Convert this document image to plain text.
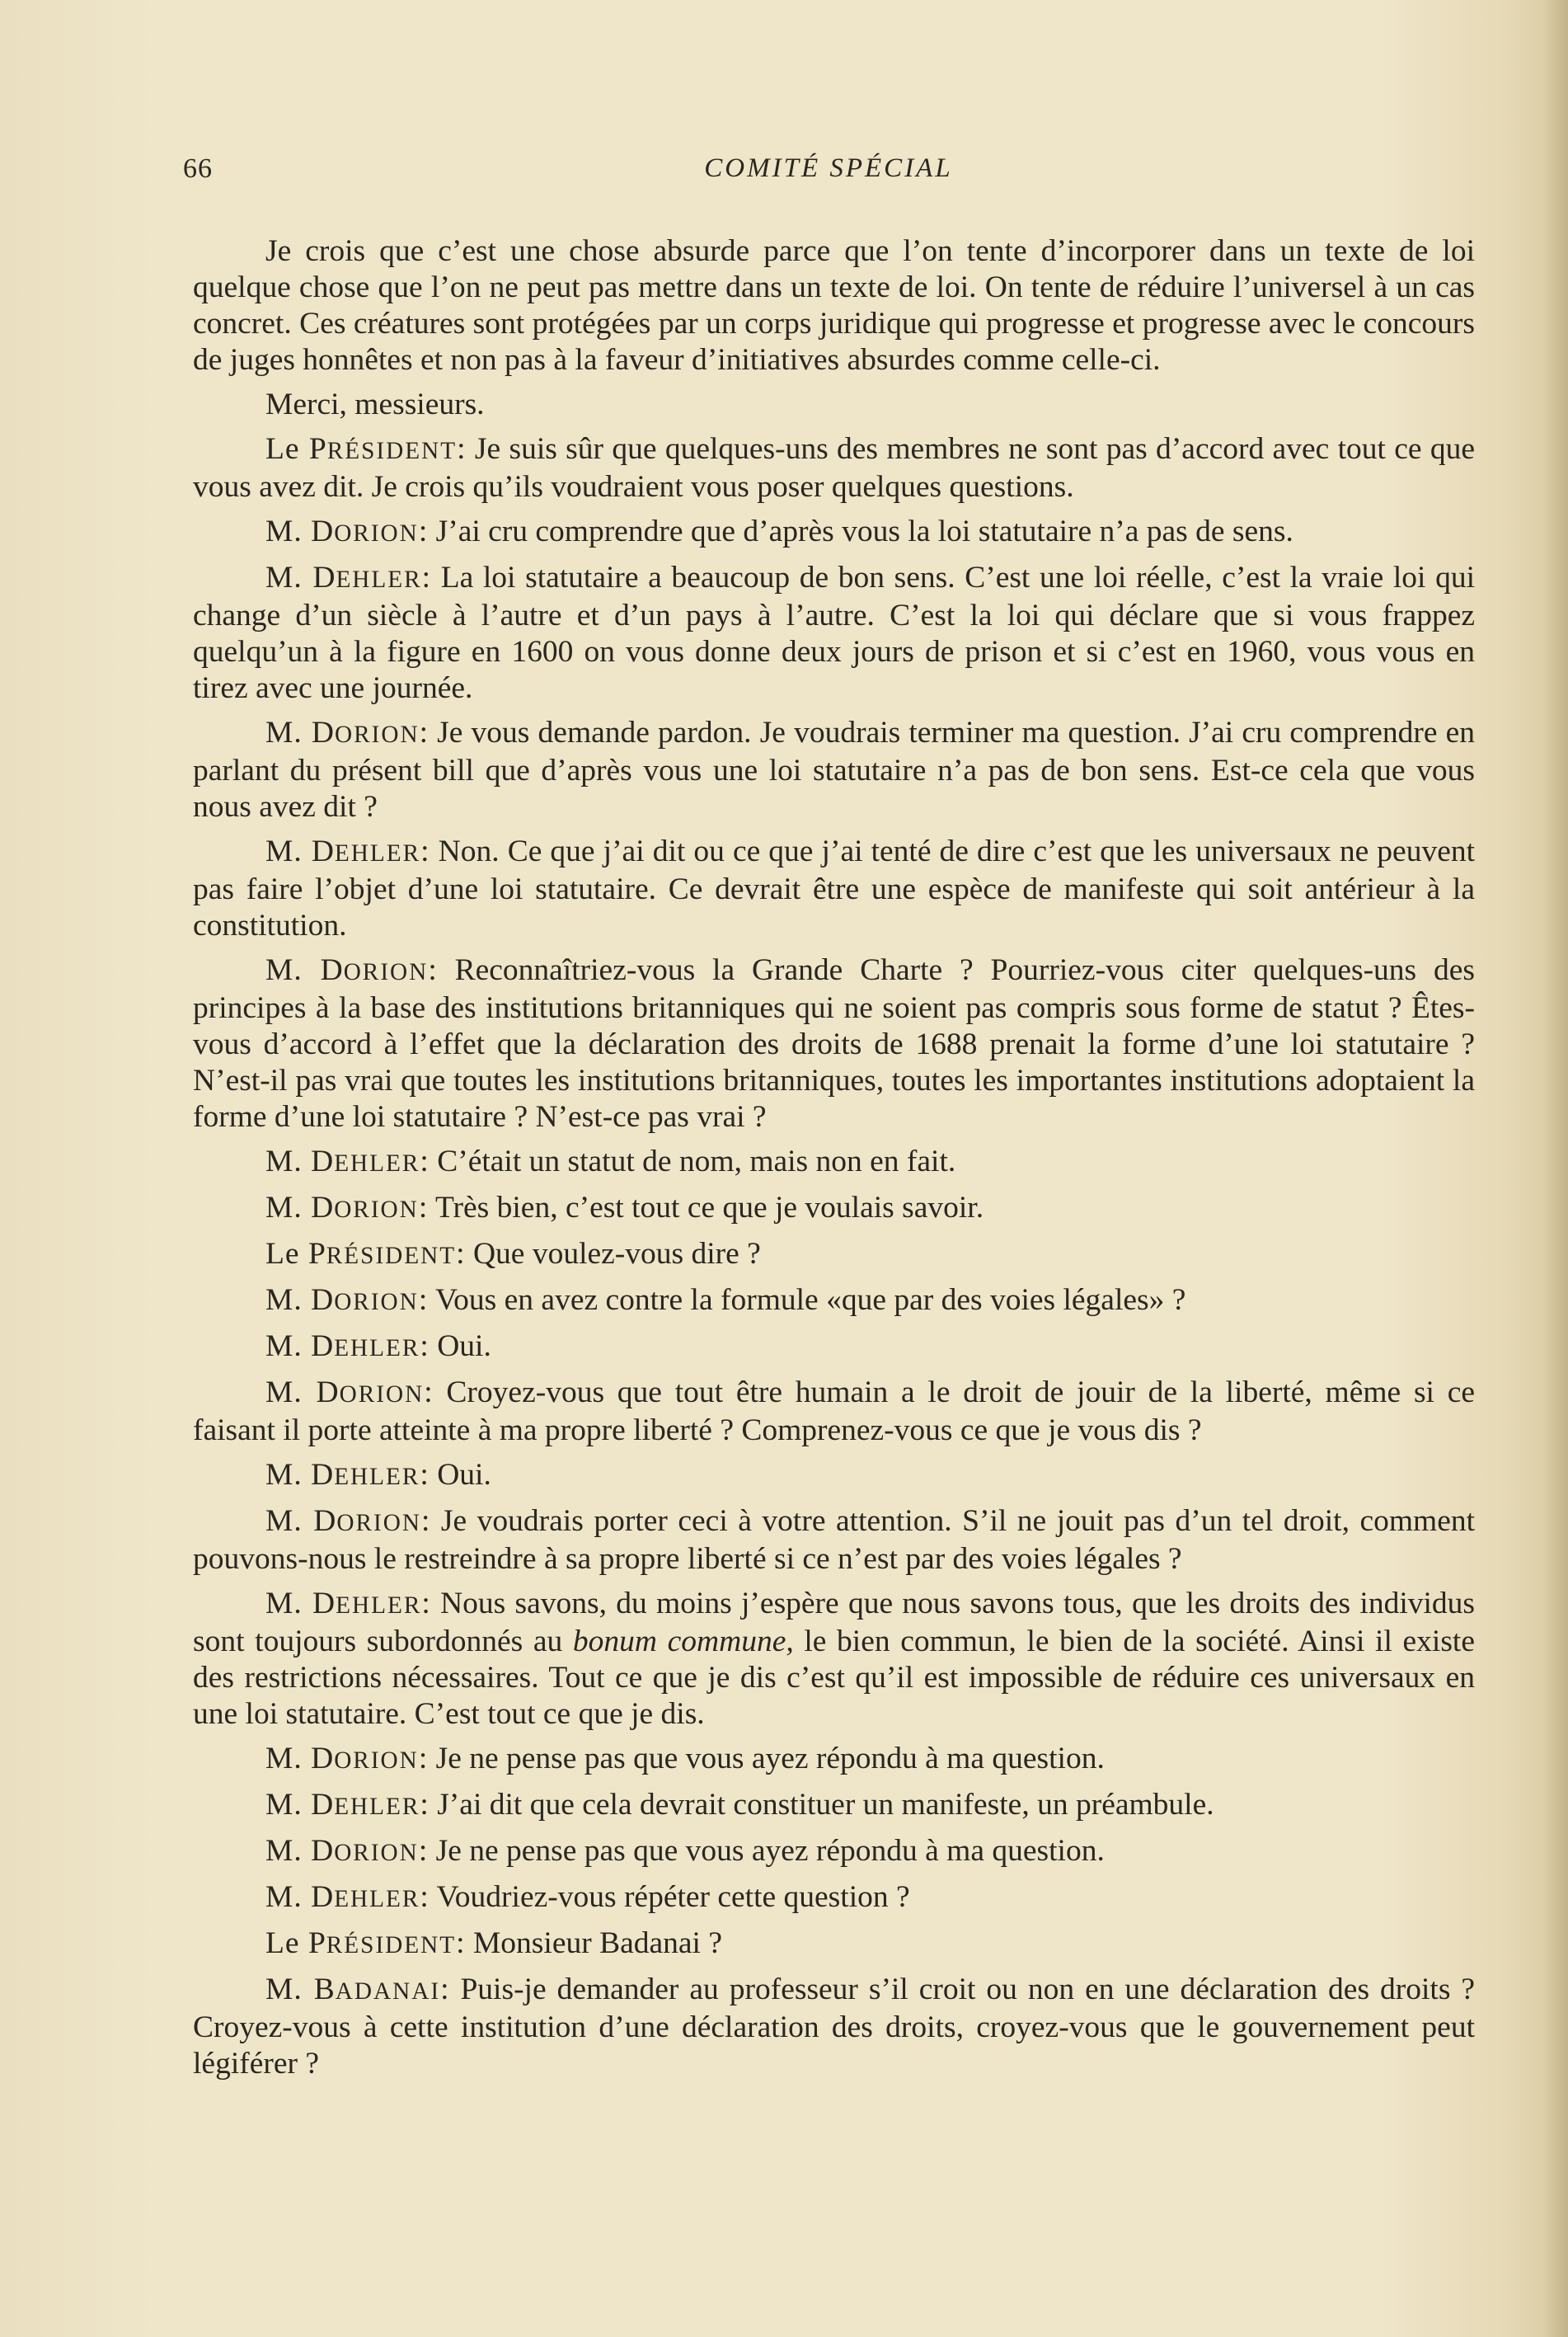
66	COMITÉ SPÉCIAL

Je crois que c’est une chose absurde parce que l’on tente d’incorporer dans un texte de loi quelque chose que l’on ne peut pas mettre dans un texte de loi. On tente de réduire l’universel à un cas concret. Ces créatures sont protégées par un corps juridique qui progresse et progresse avec le concours de juges honnêtes et non pas à la faveur d’initiatives absurdes comme celle-ci.

Merci, messieurs.

Le PRÉSIDENT: Je suis sûr que quelques-uns des membres ne sont pas d’accord avec tout ce que vous avez dit. Je crois qu’ils voudraient vous poser quelques questions.

M. DORION: J’ai cru comprendre que d’après vous la loi statutaire n’a pas de sens.

M. DEHLER: La loi statutaire a beaucoup de bon sens. C’est une loi réelle, c’est la vraie loi qui change d’un siècle à l’autre et d’un pays à l’autre. C’est la loi qui déclare que si vous frappez quelqu’un à la figure en 1600 on vous donne deux jours de prison et si c’est en 1960, vous vous en tirez avec une journée.

M. DORION: Je vous demande pardon. Je voudrais terminer ma question. J’ai cru comprendre en parlant du présent bill que d’après vous une loi statutaire n’a pas de bon sens. Est-ce cela que vous nous avez dit ?

M. DEHLER: Non. Ce que j’ai dit ou ce que j’ai tenté de dire c’est que les universaux ne peuvent pas faire l’objet d’une loi statutaire. Ce devrait être une espèce de manifeste qui soit antérieur à la constitution.

M. DORION: Reconnaîtriez-vous la Grande Charte ? Pourriez-vous citer quelques-uns des principes à la base des institutions britanniques qui ne soient pas compris sous forme de statut ? Êtes-vous d’accord à l’effet que la déclaration des droits de 1688 prenait la forme d’une loi statutaire ? N’est-il pas vrai que toutes les institutions britanniques, toutes les importantes institutions adoptaient la forme d’une loi statutaire ? N’est-ce pas vrai ?

M. DEHLER: C’était un statut de nom, mais non en fait.

M. DORION: Très bien, c’est tout ce que je voulais savoir.

Le PRÉSIDENT: Que voulez-vous dire ?

M. DORION: Vous en avez contre la formule «que par des voies légales» ?

M. DEHLER: Oui.

M. DORION: Croyez-vous que tout être humain a le droit de jouir de la liberté, même si ce faisant il porte atteinte à ma propre liberté ? Comprenez-vous ce que je vous dis ?

M. DEHLER: Oui.

M. DORION: Je voudrais porter ceci à votre attention. S’il ne jouit pas d’un tel droit, comment pouvons-nous le restreindre à sa propre liberté si ce n’est par des voies légales ?

M. DEHLER: Nous savons, du moins j’espère que nous savons tous, que les droits des individus sont toujours subordonnés au bonum commune, le bien commun, le bien de la société. Ainsi il existe des restrictions nécessaires. Tout ce que je dis c’est qu’il est impossible de réduire ces universaux en une loi statutaire. C’est tout ce que je dis.

M. DORION: Je ne pense pas que vous ayez répondu à ma question.

M. DEHLER: J’ai dit que cela devrait constituer un manifeste, un préambule.

M. DORION: Je ne pense pas que vous ayez répondu à ma question.

M. DEHLER: Voudriez-vous répéter cette question ?

Le PRÉSIDENT: Monsieur Badanai ?

M. BADANAI: Puis-je demander au professeur s’il croit ou non en une déclaration des droits ? Croyez-vous à cette institution d’une déclaration des droits, croyez-vous que le gouvernement peut légiférer ?
